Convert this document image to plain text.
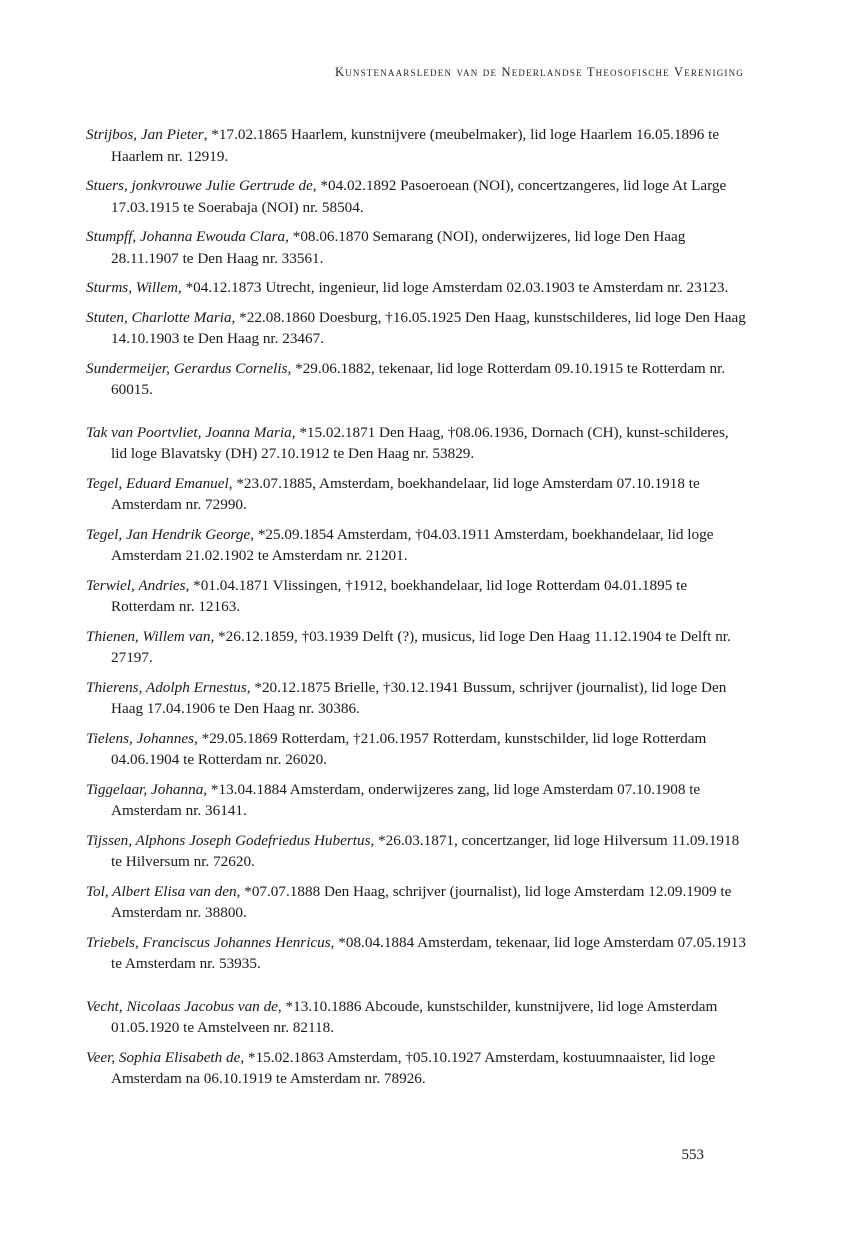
Kunstenaarsleden van de Nederlandse Theosofische Vereniging

Strijbos, Jan Pieter, *17.02.1865 Haarlem, kunstnijvere (meubelmaker), lid loge Haarlem 16.05.1896 te Haarlem nr. 12919.

Stuers, jonkvrouwe Julie Gertrude de, *04.02.1892 Pasoeroean (NOI), concertzangeres, lid loge At Large 17.03.1915 te Soerabaja (NOI) nr. 58504.

Stumpff, Johanna Ewouda Clara, *08.06.1870 Semarang (NOI), onderwijzeres, lid loge Den Haag 28.11.1907 te Den Haag nr. 33561.

Sturms, Willem, *04.12.1873 Utrecht, ingenieur, lid loge Amsterdam 02.03.1903 te Amsterdam nr. 23123.

Stuten, Charlotte Maria, *22.08.1860 Doesburg, †16.05.1925 Den Haag, kunstschilderes, lid loge Den Haag 14.10.1903 te Den Haag nr. 23467.

Sundermeijer, Gerardus Cornelis, *29.06.1882, tekenaar, lid loge Rotterdam 09.10.1915 te Rotterdam nr. 60015.

Tak van Poortvliet, Joanna Maria, *15.02.1871 Den Haag, †08.06.1936, Dornach (CH), kunst-schilderes, lid loge Blavatsky (DH) 27.10.1912 te Den Haag nr. 53829.

Tegel, Eduard Emanuel, *23.07.1885, Amsterdam, boekhandelaar, lid loge Amsterdam 07.10.1918 te Amsterdam nr. 72990.

Tegel, Jan Hendrik George, *25.09.1854 Amsterdam, †04.03.1911 Amsterdam, boekhandelaar, lid loge Amsterdam 21.02.1902 te Amsterdam nr. 21201.

Terwiel, Andries, *01.04.1871 Vlissingen, †1912, boekhandelaar, lid loge Rotterdam 04.01.1895 te Rotterdam nr. 12163.

Thienen, Willem van, *26.12.1859, †03.1939 Delft (?), musicus, lid loge Den Haag 11.12.1904 te Delft nr. 27197.

Thierens, Adolph Ernestus, *20.12.1875 Brielle, †30.12.1941 Bussum, schrijver (journalist), lid loge Den Haag 17.04.1906 te Den Haag nr. 30386.

Tielens, Johannes, *29.05.1869 Rotterdam, †21.06.1957 Rotterdam, kunstschilder, lid loge Rotterdam 04.06.1904 te Rotterdam nr. 26020.

Tiggelaar, Johanna, *13.04.1884 Amsterdam, onderwijzeres zang, lid loge Amsterdam 07.10.1908 te Amsterdam nr. 36141.

Tijssen, Alphons Joseph Godefriedus Hubertus, *26.03.1871, concertzanger, lid loge Hilversum 11.09.1918 te Hilversum nr. 72620.

Tol, Albert Elisa van den, *07.07.1888 Den Haag, schrijver (journalist), lid loge Amsterdam 12.09.1909 te Amsterdam nr. 38800.

Triebels, Franciscus Johannes Henricus, *08.04.1884 Amsterdam, tekenaar, lid loge Amsterdam 07.05.1913 te Amsterdam nr. 53935.

Vecht, Nicolaas Jacobus van de, *13.10.1886 Abcoude, kunstschilder, kunstnijvere, lid loge Amsterdam 01.05.1920 te Amstelveen nr. 82118.

Veer, Sophia Elisabeth de, *15.02.1863 Amsterdam, †05.10.1927 Amsterdam, kostuumnaaister, lid loge Amsterdam na 06.10.1919 te Amsterdam nr. 78926.

553
